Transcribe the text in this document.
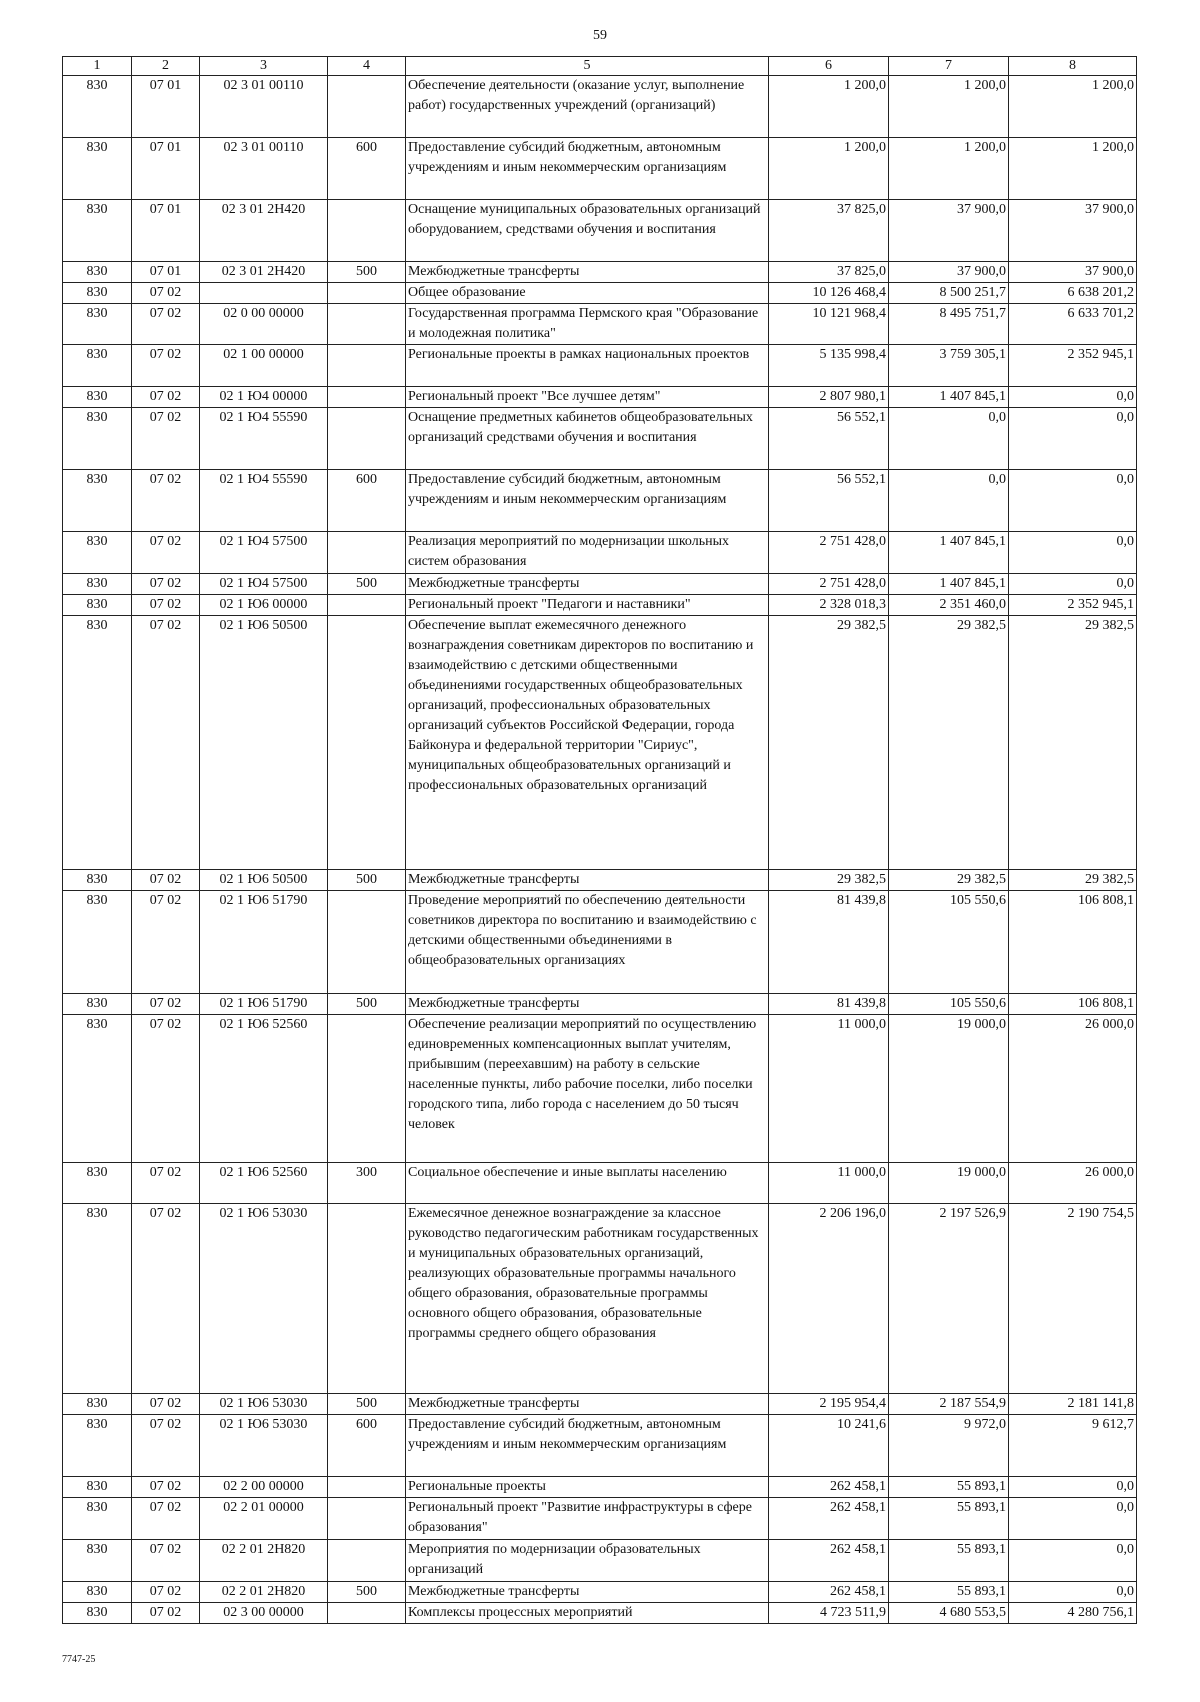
59
1	2	3	4	5	6	7	8
830	07 01	02 3 01 00110		Обеспечение деятельности (оказание услуг, выполнение работ) государственных учреждений (организаций)	1 200,0	1 200,0	1 200,0
830	07 01	02 3 01 00110	600	Предоставление субсидий бюджетным, автономным учреждениям и иным некоммерческим организациям	1 200,0	1 200,0	1 200,0
830	07 01	02 3 01 2Н420		Оснащение муниципальных образовательных организаций оборудованием, средствами обучения и воспитания	37 825,0	37 900,0	37 900,0
830	07 01	02 3 01 2Н420	500	Межбюджетные трансферты	37 825,0	37 900,0	37 900,0
830	07 02			Общее образование	10 126 468,4	8 500 251,7	6 638 201,2
830	07 02	02 0 00 00000		Государственная программа Пермского края "Образование и молодежная политика"	10 121 968,4	8 495 751,7	6 633 701,2
830	07 02	02 1 00 00000		Региональные проекты в рамках национальных проектов	5 135 998,4	3 759 305,1	2 352 945,1
830	07 02	02 1 Ю4 00000		Региональный проект "Все лучшее детям"	2 807 980,1	1 407 845,1	0,0
830	07 02	02 1 Ю4 55590		Оснащение предметных кабинетов общеобразовательных организаций средствами обучения и воспитания	56 552,1	0,0	0,0
830	07 02	02 1 Ю4 55590	600	Предоставление субсидий бюджетным, автономным учреждениям и иным некоммерческим организациям	56 552,1	0,0	0,0
830	07 02	02 1 Ю4 57500		Реализация мероприятий по модернизации школьных систем образования	2 751 428,0	1 407 845,1	0,0
830	07 02	02 1 Ю4 57500	500	Межбюджетные трансферты	2 751 428,0	1 407 845,1	0,0
830	07 02	02 1 Ю6 00000		Региональный проект "Педагоги и наставники"	2 328 018,3	2 351 460,0	2 352 945,1
830	07 02	02 1 Ю6 50500		Обеспечение выплат ежемесячного денежного вознаграждения советникам директоров по воспитанию и взаимодействию с детскими общественными объединениями государственных общеобразовательных организаций, профессиональных образовательных организаций субъектов Российской Федерации, города Байконура и федеральной территории "Сириус", муниципальных общеобразовательных организаций и профессиональных образовательных организаций	29 382,5	29 382,5	29 382,5
830	07 02	02 1 Ю6 50500	500	Межбюджетные трансферты	29 382,5	29 382,5	29 382,5
830	07 02	02 1 Ю6 51790		Проведение мероприятий по обеспечению деятельности советников директора по воспитанию и взаимодействию с детскими общественными объединениями в общеобразовательных организациях	81 439,8	105 550,6	106 808,1
830	07 02	02 1 Ю6 51790	500	Межбюджетные трансферты	81 439,8	105 550,6	106 808,1
830	07 02	02 1 Ю6 52560		Обеспечение реализации мероприятий по осуществлению единовременных компенсационных выплат учителям, прибывшим (переехавшим) на работу в сельские населенные пункты, либо рабочие поселки, либо поселки городского типа, либо города с населением до 50 тысяч человек	11 000,0	19 000,0	26 000,0
830	07 02	02 1 Ю6 52560	300	Социальное обеспечение и иные выплаты населению	11 000,0	19 000,0	26 000,0
830	07 02	02 1 Ю6 53030		Ежемесячное денежное вознаграждение за классное руководство педагогическим работникам государственных и муниципальных образовательных организаций, реализующих образовательные программы начального общего образования, образовательные программы основного общего образования, образовательные программы среднего общего образования	2 206 196,0	2 197 526,9	2 190 754,5
830	07 02	02 1 Ю6 53030	500	Межбюджетные трансферты	2 195 954,4	2 187 554,9	2 181 141,8
830	07 02	02 1 Ю6 53030	600	Предоставление субсидий бюджетным, автономным учреждениям и иным некоммерческим организациям	10 241,6	9 972,0	9 612,7
830	07 02	02 2 00 00000		Региональные проекты	262 458,1	55 893,1	0,0
830	07 02	02 2 01 00000		Региональный проект "Развитие инфраструктуры в сфере образования"	262 458,1	55 893,1	0,0
830	07 02	02 2 01 2Н820		Мероприятия по модернизации образовательных организаций	262 458,1	55 893,1	0,0
830	07 02	02 2 01 2Н820	500	Межбюджетные трансферты	262 458,1	55 893,1	0,0
830	07 02	02 3 00 00000		Комплексы процессных мероприятий	4 723 511,9	4 680 553,5	4 280 756,1
7747-25
